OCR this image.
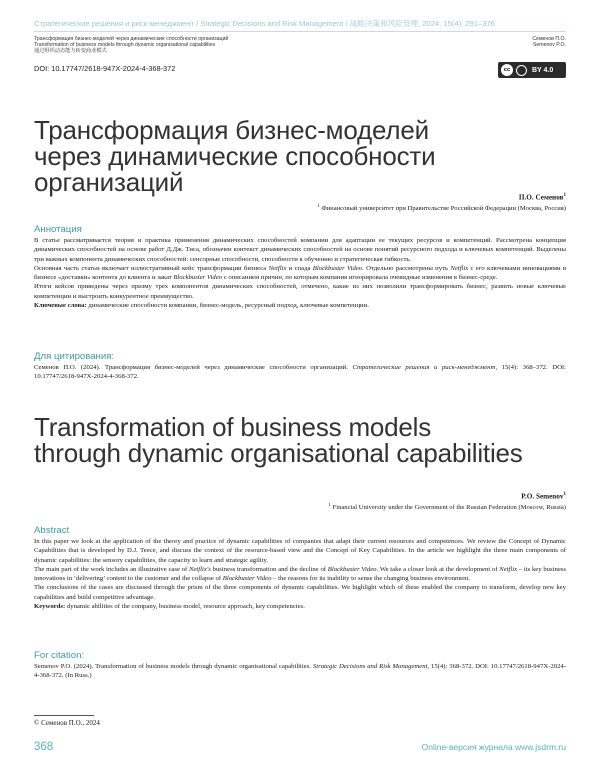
Стратегические решения и риск-менеджмент / Strategic Decisions and Risk Management / 战略决策和风险管理, 2024, 15(4): 291–376
Трансформация бизнес-моделей через динамические способности организаций
Transformation of business models through dynamic organisational capabilities
通过组织动态能力转变商业模式
Семенов П.О.
Semenov P.O.
DOI: 10.17747/2618-947X-2024-4-368-372	cc	BY 4.0
Трансформация бизнес-моделей
через динамические способности
организаций
П.О. Семенов$^1$
$^1$ Финансовый университет при Правительстве Российской Федерации (Москва, Россия)
Аннотация

В статье рассматривается теория и практика применения динамических способностей компании для адаптации ее текущих ресурсов и компетенций. Рассмотрена концепция динамических способностей на основе работ Д.Дж. Тиса, обозначен контекст динамических способностей на основе понятий ресурсного подхода и ключевых компетенций. Выделены три важных компонента динамических способностей: сенсорные способности, способности к обучению и стратегическая гибкость.

Основная часть статьи включает иллюстративный кейс трансформации бизнеса Netflix и спада Blockbuster Video. Отдельно рассмотрены путь Netflix с его ключевыми инновациями в бизнесе «доставки» контента до клиента и закат Blockbuster Video с описанием причин, по которым компания игнорировала очевидные изменения в бизнес-среде.

Итоги кейсов приведены через призму трех компонентов динамических способностей, отмечено, какие из них позволили трансформировать бизнес, развить новые ключевые компетенции и выстроить конкурентное преимущество.

Ключевые слова: динамические способности компании, бизнес-модель, ресурсный подход, ключевые компетенции.

Для цитирования:

Семенов П.О. (2024). Трансформация бизнес-моделей через динамические способности организаций. Стратегические решения и риск-менеджмент, 15(4): 368–372. DOI: 10.17747/2618-947X-2024-4-368-372.

Transformation of business models
through dynamic organisational capabilities
P.O. Semenov$^1$
$^1$ Financial University under the Government of the Russian Federation (Moscow, Russia)
Abstract

In this paper we look at the application of the theory and practice of dynamic capabilities of companies that adapt their current resources and competences. We review the Concept of Dynamic Capabilities that is developed by D.J. Teece, and discuss the context of the resource-based view and the Concept of Key Capabilities. In the article we highlight the three main components of dynamic capabilities: the sensory capabilities, the capacity to learn and strategic agility.

The main part of the work includes an illustrative case of Netflix's business transformation and the decline of Blockbuster Video. We take a closer look at the development of Netflix – its key business innovations in ‘delivering’ content to the customer and the collapse of Blockbuster Video – the reasons for its inability to sense the changing business environment.

The conclusions of the cases are discussed through the prism of the three components of dynamic capabilities. We highlight which of these enabled the company to transform, develop new key capabilities and build competitive advantage.

Keywords: dynamic abilities of the company, business model, resource approach, key competencies.

For citation:

Semenov P.O. (2024). Transformation of business models through dynamic organisational capabilities. Strategic Decisions and Risk Management, 15(4): 368-372. DOI: 10.17747/2618-947X-2024-4-368-372. (In Russ.)

© Семенов П.О., 2024
368	Online-версия журнала www.jsdrm.ru
